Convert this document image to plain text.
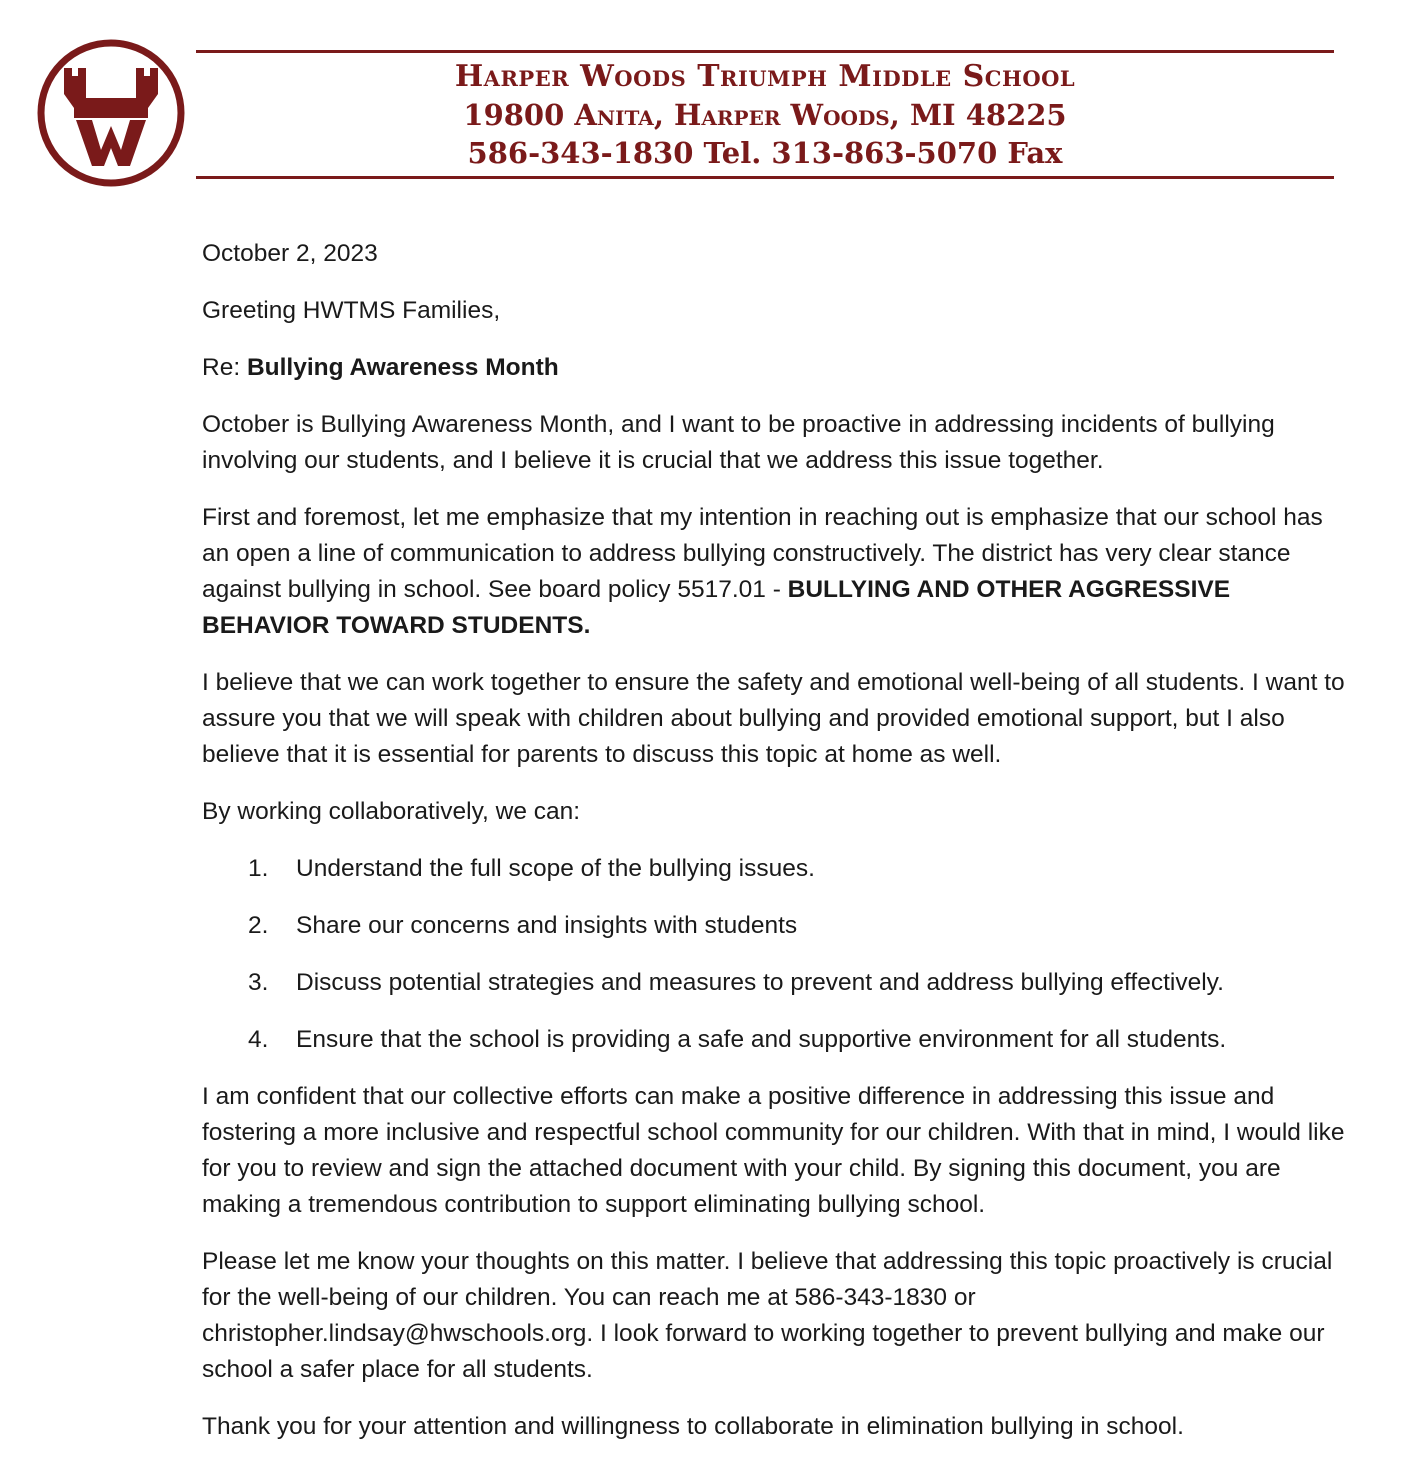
Harper Woods Triumph Middle School
19800 Anita, Harper Woods, MI 48225
586-343-1830 Tel. 313-863-5070 Fax

October 2, 2023

Greeting HWTMS Families,

Re: Bullying Awareness Month

October is Bullying Awareness Month, and I want to be proactive in addressing incidents of bullying involving our students, and I believe it is crucial that we address this issue together.

First and foremost, let me emphasize that my intention in reaching out is emphasize that our school has an open a line of communication to address bullying constructively. The district has very clear stance against bullying in school. See board policy 5517.01 - BULLYING AND OTHER AGGRESSIVE BEHAVIOR TOWARD STUDENTS.

I believe that we can work together to ensure the safety and emotional well-being of all students. I want to assure you that we will speak with children about bullying and provided emotional support, but I also believe that it is essential for parents to discuss this topic at home as well.

By working collaboratively, we can:

1. Understand the full scope of the bullying issues.
2. Share our concerns and insights with students
3. Discuss potential strategies and measures to prevent and address bullying effectively.
4. Ensure that the school is providing a safe and supportive environment for all students.

I am confident that our collective efforts can make a positive difference in addressing this issue and fostering a more inclusive and respectful school community for our children. With that in mind, I would like for you to review and sign the attached document with your child. By signing this document, you are making a tremendous contribution to support eliminating bullying school.

Please let me know your thoughts on this matter. I believe that addressing this topic proactively is crucial for the well-being of our children. You can reach me at 586-343-1830 or christopher.lindsay@hwschools.org. I look forward to working together to prevent bullying and make our school a safer place for all students.

Thank you for your attention and willingness to collaborate in elimination bullying in school.
